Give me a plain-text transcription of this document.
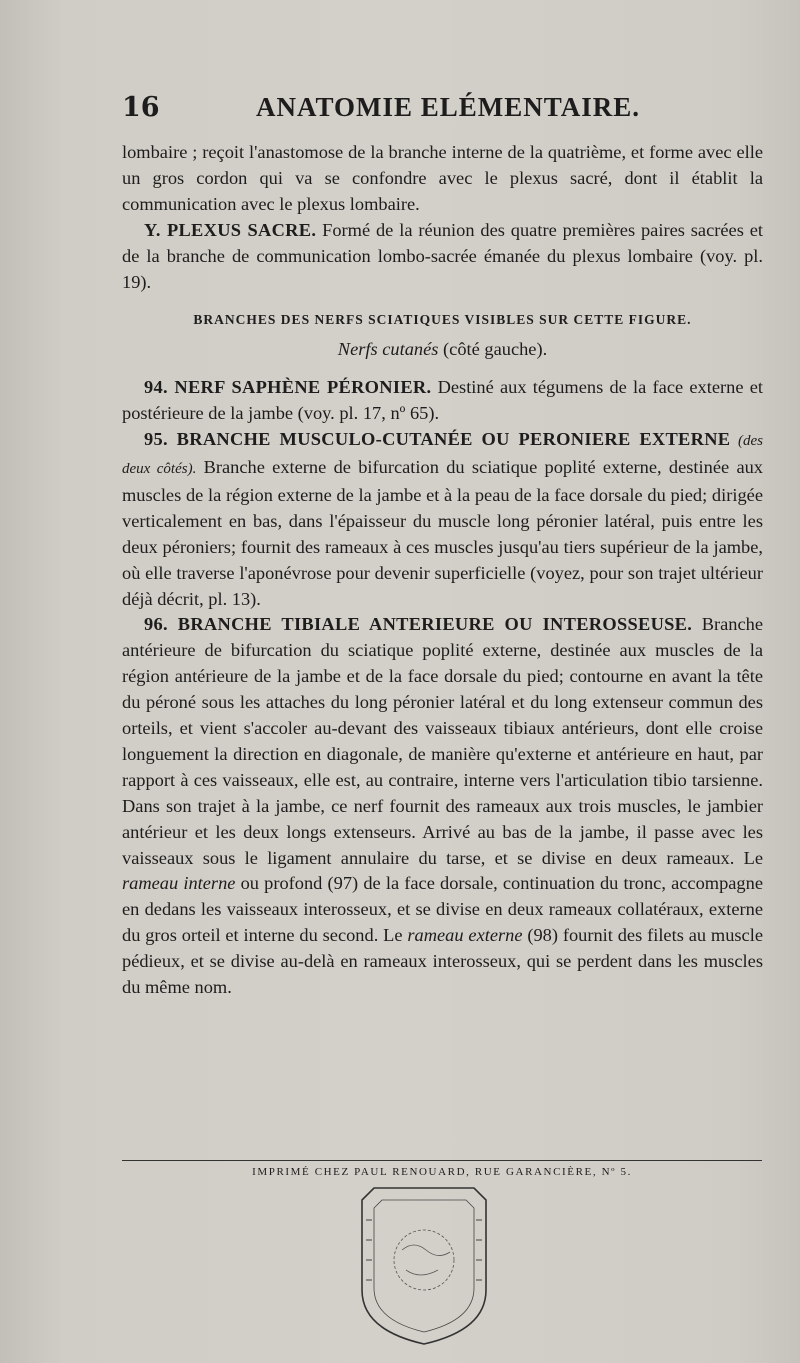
16	ANATOMIE ELÉMENTAIRE.

lombaire ; reçoit l'anastomose de la branche interne de la quatrième, et forme avec elle un gros cordon qui va se confondre avec le plexus sacré, dont il établit la communication avec le plexus lombaire.

Y. PLEXUS SACRE. Formé de la réunion des quatre premières paires sacrées et de la branche de communication lombo-sacrée émanée du plexus lombaire (voy. pl. 19).

BRANCHES DES NERFS SCIATIQUES VISIBLES SUR CETTE FIGURE.

Nerfs cutanés (côté gauche).

94. NERF SAPHÈNE PÉRONIER. Destiné aux tégumens de la face externe et postérieure de la jambe (voy. pl. 17, nº 65).

95. BRANCHE MUSCULO-CUTANÉE OU PERONIERE EXTERNE (des deux côtés). Branche externe de bifurcation du sciatique poplité externe, destinée aux muscles de la région externe de la jambe et à la peau de la face dorsale du pied; dirigée verticalement en bas, dans l'épaisseur du muscle long péronier latéral, puis entre les deux péroniers; fournit des rameaux à ces muscles jusqu'au tiers supérieur de la jambe, où elle traverse l'aponévrose pour devenir superficielle (voyez, pour son trajet ultérieur déjà décrit, pl. 13).

96. BRANCHE TIBIALE ANTERIEURE OU INTEROSSEUSE. Branche antérieure de bifurcation du sciatique poplité externe, destinée aux muscles de la région antérieure de la jambe et de la face dorsale du pied; contourne en avant la tête du péroné sous les attaches du long péronier latéral et du long extenseur commun des orteils, et vient s'accoler au-devant des vaisseaux tibiaux antérieurs, dont elle croise longuement la direction en diagonale, de manière qu'externe et antérieure en haut, par rapport à ces vaisseaux, elle est, au contraire, interne vers l'articulation tibio tarsienne. Dans son trajet à la jambe, ce nerf fournit des rameaux aux trois muscles, le jambier antérieur et les deux longs extenseurs. Arrivé au bas de la jambe, il passe avec les vaisseaux sous le ligament annulaire du tarse, et se divise en deux rameaux. Le rameau interne ou profond (97) de la face dorsale, continuation du tronc, accompagne en dedans les vaisseaux interosseux, et se divise en deux rameaux collatéraux, externe du gros orteil et interne du second. Le rameau externe (98) fournit des filets au muscle pédieux, et se divise au-delà en rameaux interosseux, qui se perdent dans les muscles du même nom.

IMPRIMÉ CHEZ PAUL RENOUARD, RUE GARANCIÈRE, Nº 5.
